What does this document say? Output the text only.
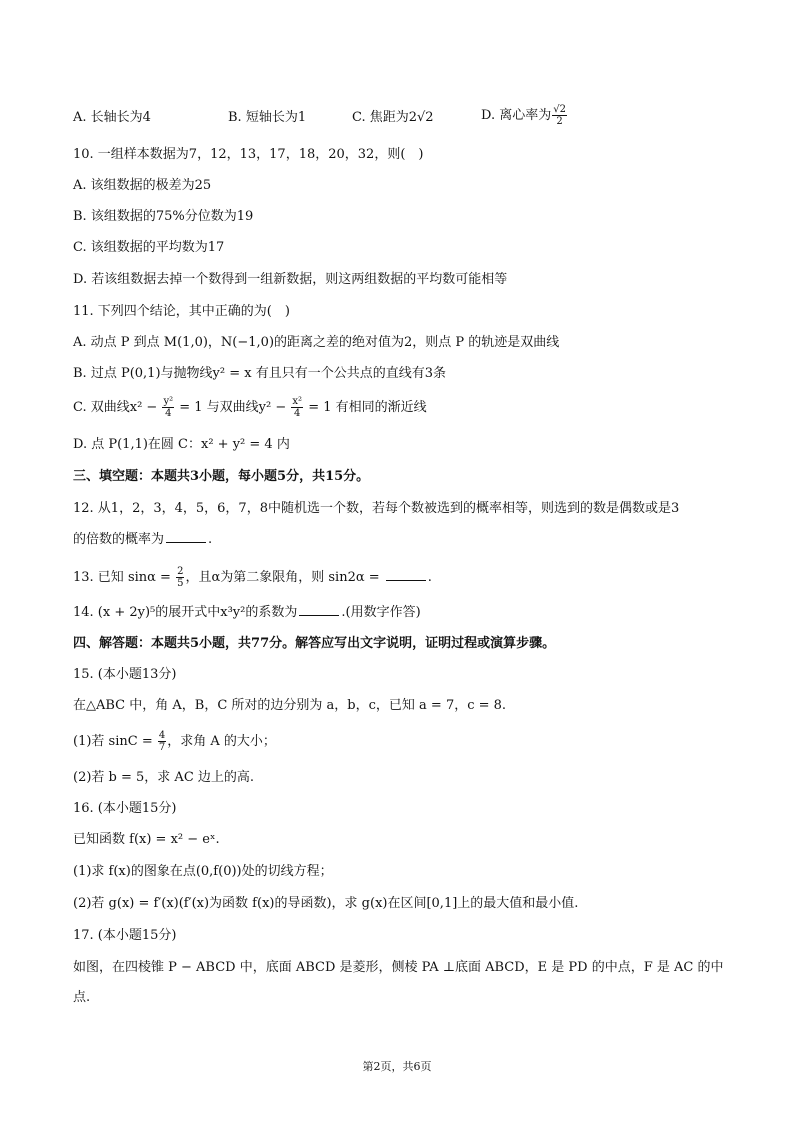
A. 长轴长为4	B. 短轴长为1	C. 焦距为2√2	D. 离心率为 $\frac{√2}{2}$
10. 一组样本数据为7，12，13，17，18，20，32，则(　)
A. 该组数据的极差为25
B. 该组数据的75%分位数为19
C. 该组数据的平均数为17
D. 若该组数据去掉一个数得到一组新数据，则这两组数据的平均数可能相等
11. 下列四个结论，其中正确的为(　)
A. 动点 P 到点 M(1,0)，N(−1,0)的距离之差的绝对值为2，则点 P 的轨迹是双曲线
B. 过点 P(0,1)与抛物线y² = x 有且只有一个公共点的直线有3条
C. 双曲线$x^2 - \frac{\text{y²}}{4} = 1$ 与双曲线$y^2 - \frac{\text{x²}}{4} = 1$ 有相同的渐近线
D. 点 P(1,1)在圆 C：x² + y² = 4 内
三、填空题：本题共3小题，每小题5分，共15分。
12. 从1，2，3，4，5，6，7，8中随机选一个数，若每个数被选到的概率相等，则选到的数是偶数或是3
的倍数的概率为	.
13. 已知 $\sin\alpha = \frac{2}{5}$ ，且α为第二象限角，则 sin2α =	.
14. (x + 2y)⁵的展开式中x³y²的系数为	.(用数字作答)
四、解答题：本题共5小题，共77分。解答应写出文字说明，证明过程或演算步骤。
15. (本小题13分)
在△ABC 中，角 A，B，C 所对的边分别为 a，b，c，已知 a = 7，c = 8.
(1)若 $\sin C = \frac{4}{7}$ ，求角 A 的大小；
(2)若 b = 5，求 AC 边上的高.
16. (本小题15分)
已知函数 f(x) = x² − eˣ.
(1)求 f(x)的图象在点(0,f(0))处的切线方程；
(2)若 g(x) = f′(x)(f′(x)为函数 f(x)的导函数)，求 g(x)在区间[0,1]上的最大值和最小值.
17. (本小题15分)
如图，在四棱锥 P − ABCD 中，底面 ABCD 是菱形，侧棱 PA ⊥底面 ABCD，E 是 PD 的中点，F 是 AC 的中
点.
第2页，共6页
